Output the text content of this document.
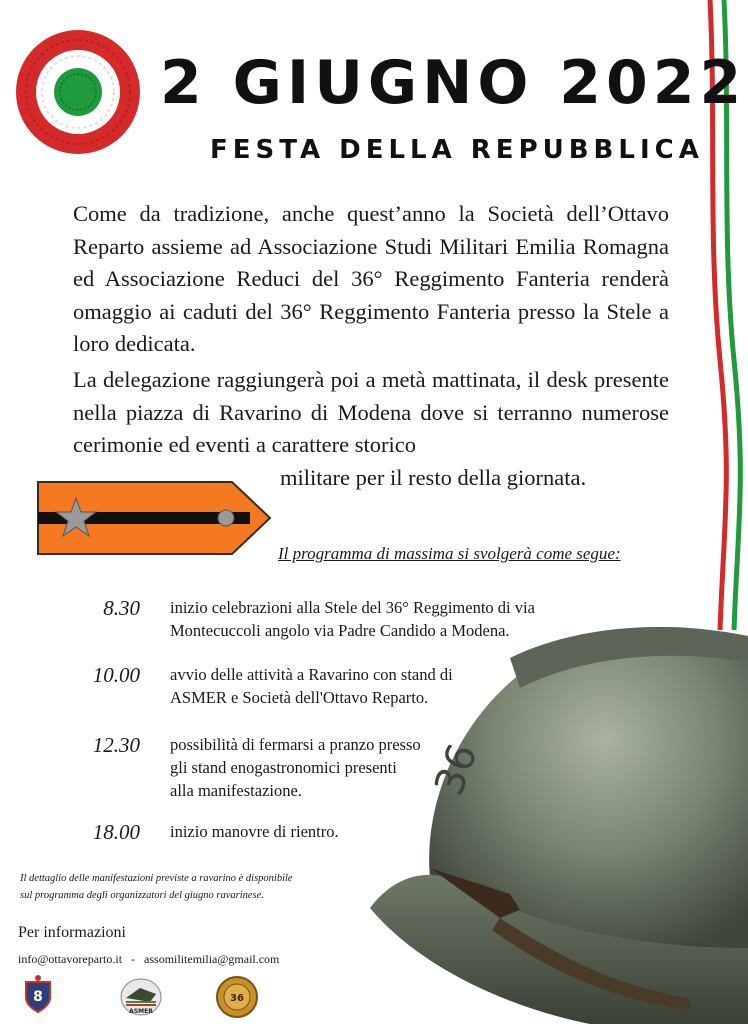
2 GIUGNO 2022
FESTA DELLA REPUBBLICA

Come da tradizione, anche quest’anno la Società dell’Ottavo Reparto assieme ad Associazione Studi Militari Emilia Romagna ed Associazione Reduci del 36° Reggimento Fanteria renderà omaggio ai caduti del 36° Reggimento Fanteria presso la Stele a loro dedicata.

La delegazione raggiungerà poi a metà mattinata, il desk presente nella piazza di Ravarino di Modena dove si terranno numerose cerimonie ed eventi a carattere storico

militare per il resto della giornata.

Il programma di massima si svolgerà come segue:
8.30 inizio celebrazioni alla Stele del 36° Reggimento di via
Montecuccoli angolo via Padre Candido a Modena.
10.00 avvio delle attività a Ravarino con stand di
ASMER e Società dell'Ottavo Reparto.
12.30 possibilità di fermarsi a pranzo presso
gli stand enogastronomici presenti
alla manifestazione.
18.00 inizio manovre di rientro.
36
Il dettaglio delle manifestazioni previste a ravarino è disponibile
sul programma degli organizzatori del giugno ravarinese.
Per informazioni
info@ottavoreparto.it - assomilitemilia@gmail.com
8
ASMER
36
